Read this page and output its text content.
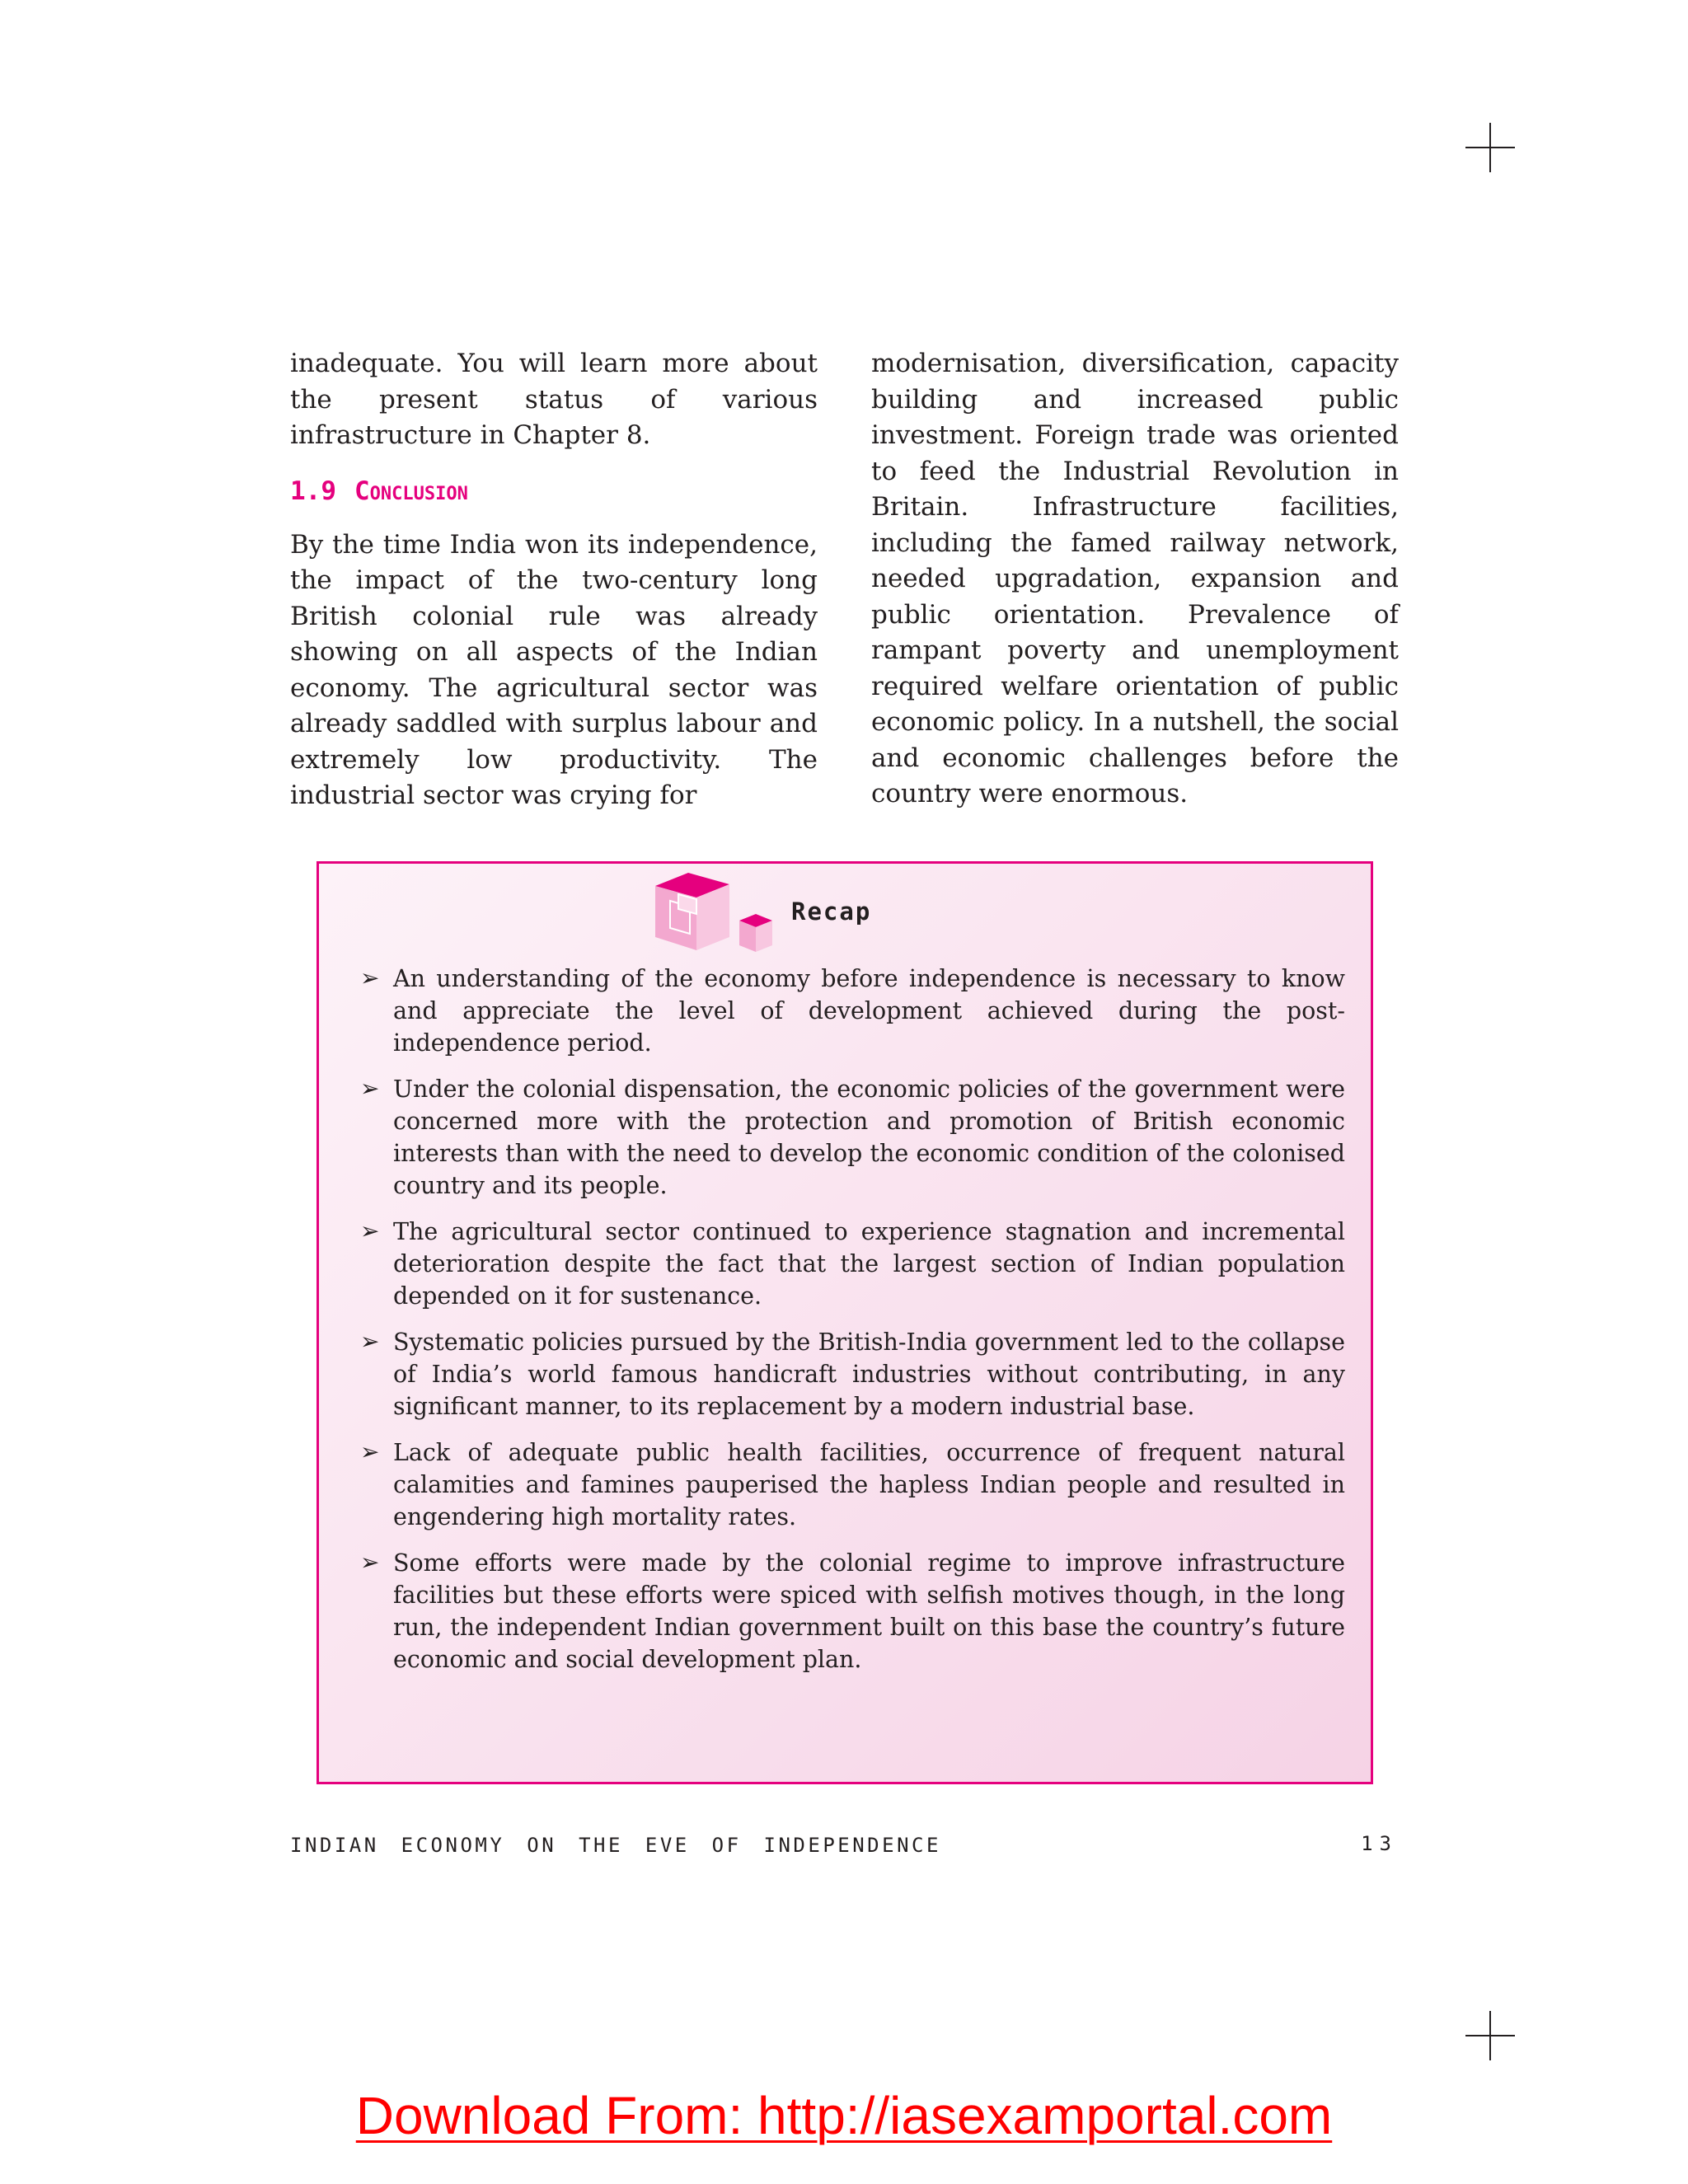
inadequate. You will learn more about the present status of various infrastructure in Chapter 8.

1.9 Conclusion

By the time India won its independence, the impact of the two-century long British colonial rule was already showing on all aspects of the Indian economy. The agricultural sector was already saddled with surplus labour and extremely low productivity. The industrial sector was crying for

modernisation, diversification, capacity building and increased public investment. Foreign trade was oriented to feed the Industrial Revolution in Britain. Infrastructure facilities, including the famed railway network, needed upgradation, expansion and public orientation. Prevalence of rampant poverty and unemployment required welfare orientation of public economic policy. In a nutshell, the social and economic challenges before the country were enormous.

Recap
➢ An understanding of the economy before independence is necessary to know and appreciate the level of development achieved during the post-independence period.
➢ Under the colonial dispensation, the economic policies of the government were concerned more with the protection and promotion of British economic interests than with the need to develop the economic condition of the colonised country and its people.
➢ The agricultural sector continued to experience stagnation and incremental deterioration despite the fact that the largest section of Indian population depended on it for sustenance.
➢ Systematic policies pursued by the British-India government led to the collapse of India’s world famous handicraft industries without contributing, in any significant manner, to its replacement by a modern industrial base.
➢ Lack of adequate public health facilities, occurrence of frequent natural calamities and famines pauperised the hapless Indian people and resulted in engendering high mortality rates.
➢ Some efforts were made by the colonial regime to improve infrastructure facilities but these efforts were spiced with selfish motives though, in the long run, the independent Indian government built on this base the country’s future economic and social development plan.
INDIAN ECONOMY ON THE EVE OF INDEPENDENCE	13
Download From: http://iasexamportal.com
